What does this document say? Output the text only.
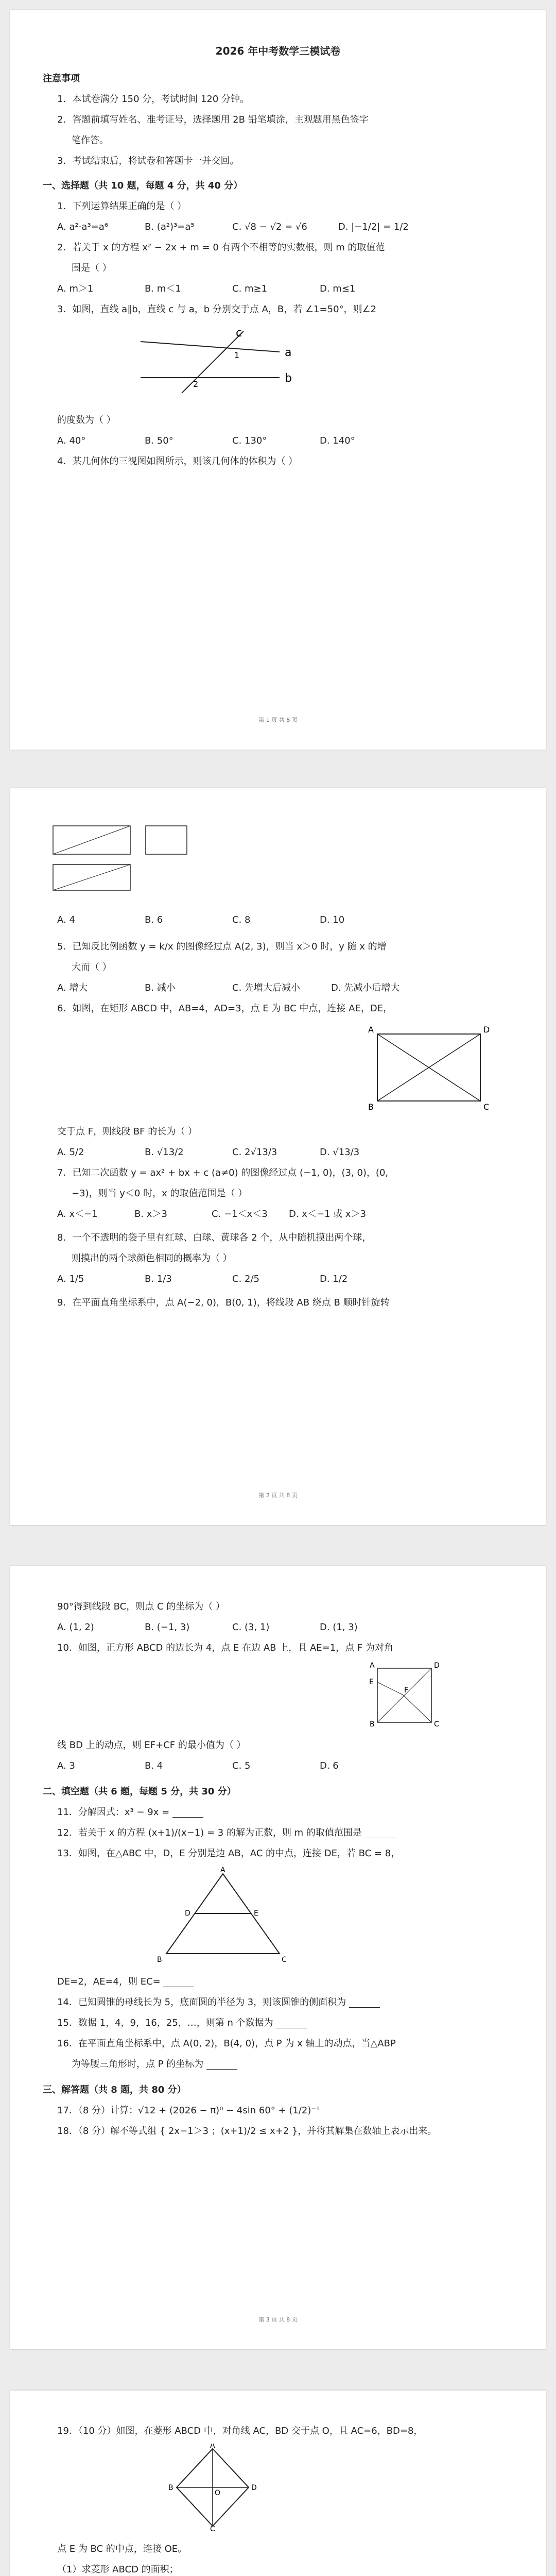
2026 年中考数学三模试卷
注意事项
1．本试卷满分 150 分，考试时间 120 分钟。
2．答题前填写姓名、准考证号，选择题用 2B 铅笔填涂，主观题用黑色签字
笔作答。
3．考试结束后，将试卷和答题卡一并交回。
一、选择题（共 10 题，每题 4 分，共 40 分）
1．下列运算结果正确的是（ ）
A. a²·a³=a⁶	B. (a²)³=a⁵	C. √8 − √2 = √6	D. |−1/2| = 1/2
2．若关于 x 的方程 x² − 2x + m = 0 有两个不相等的实数根，则 m 的取值范
围是（ ）
A. m＞1	B. m＜1	C. m≥1	D. m≤1
3．如图，直线 a∥b，直线 c 与 a，b 分别交于点 A，B，若 ∠1=50°，则∠2
c
a
b
1
2
的度数为（ ）
A. 40°	B. 50°	C. 130°	D. 140°
4．某几何体的三视图如图所示，则该几何体的体积为（ ）
第 1 页 共 8 页
A. 4	B. 6	C. 8	D. 10
5．已知反比例函数 y = k/x 的图像经过点 A(2, 3)，则当 x＞0 时，y 随 x 的增
大而（ ）
A. 增大	B. 减小	C. 先增大后减小	D. 先减小后增大
6．如图，在矩形 ABCD 中，AB=4，AD=3，点 E 为 BC 中点，连接 AE，DE，
A	D
B	C
交于点 F，则线段 BF 的长为（ ）
A. 5/2	B. √13/2	C. 2√13/3	D. √13/3
7．已知二次函数 y = ax² + bx + c (a≠0) 的图像经过点 (−1, 0)，(3, 0)，(0,
−3)，则当 y＜0 时，x 的取值范围是（ ）
A. x＜−1	B. x＞3	C. −1＜x＜3 D. x＜−1 或 x＞3
8．一个不透明的袋子里有红球、白球、黄球各 2 个，从中随机摸出两个球，
则摸出的两个球颜色相同的概率为（ ）
A. 1/5	B. 1/3	C. 2/5	D. 1/2
9．在平面直角坐标系中，点 A(−2, 0)，B(0, 1)，将线段 AB 绕点 B 顺时针旋转
第 2 页 共 8 页
90°得到线段 BC，则点 C 的坐标为（ ）
A. (1, 2)	B. (−1, 3)	C. (3, 1)	D. (1, 3)
10．如图，正方形 ABCD 的边长为 4，点 E 在边 AB 上，且 AE=1，点 F 为对角
A	D
E
F
B	C
线 BD 上的动点，则 EF+CF 的最小值为（ ）
A. 3	B. 4	C. 5	D. 6
二、填空题（共 6 题，每题 5 分，共 30 分）
11．分解因式：x³ − 9x =
12．若关于 x 的方程 (x+1)/(x−1) = 3 的解为正数，则 m 的取值范围是
13．如图，在△ABC 中，D，E 分别是边 AB，AC 的中点，连接 DE，若 BC = 8，
A
D	E
B	C
DE=2，AE=4，则 EC=
14．已知圆锥的母线长为 5，底面圆的半径为 3，则该圆锥的侧面积为
15．数据 1，4，9，16，25，…，则第 n 个数据为
16．在平面直角坐标系中，点 A(0, 2)，B(4, 0)，点 P 为 x 轴上的动点，当△ABP
为等腰三角形时，点 P 的坐标为
三、解答题（共 8 题，共 80 分）
17．（8 分）计算：√12 + (2026 − π)⁰ − 4sin 60° + (1/2)⁻¹
18．（8 分）解不等式组 { 2x−1＞3 ；(x+1)/2 ≤ x+2 }，并将其解集在数轴上表示出来。
第 3 页 共 8 页
19．（10 分）如图，在菱形 ABCD 中，对角线 AC，BD 交于点 O，且 AC=6，BD=8，
A
B	D
O
C
点 E 为 BC 的中点，连接 OE。
（1）求菱形 ABCD 的面积；
